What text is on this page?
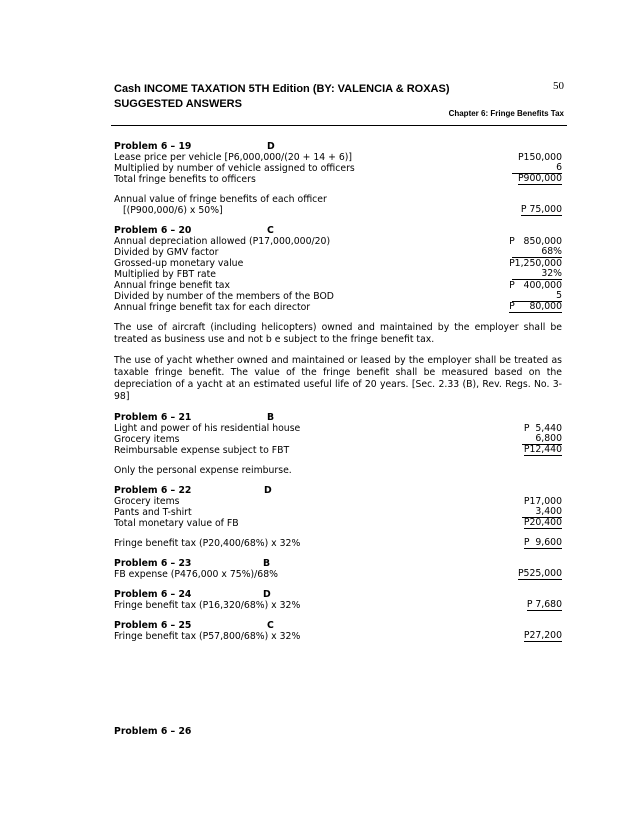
Cash INCOME TAXATION 5TH Edition (BY: VALENCIA & ROXAS)
SUGGESTED ANSWERS
50
Chapter 6: Fringe Benefits Tax
Problem 6 – 19	D
Lease price per vehicle [P6,000,000/(20 + 14 + 6)]	P150,000
Multiplied by number of vehicle assigned to officers	6
Total fringe benefits to officers	P900,000
Annual value of fringe benefits of each officer
[(P900,000/6) x 50%]	P 75,000
Problem 6 – 20	C
Annual depreciation allowed (P17,000,000/20)	P   850,000
Divided by GMV factor	68%
Grossed-up monetary value	P1,250,000
Multiplied by FBT rate	32%
Annual fringe benefit tax	P   400,000
Divided by number of the members of the BOD	5
Annual fringe benefit tax for each director	P     80,000

The use of aircraft (including helicopters) owned and maintained by the employer shall be treated as business use and not b e subject to the fringe benefit tax.

The use of yacht whether owned and maintained or leased by the employer shall be treated as taxable fringe benefit. The value of the fringe benefit shall be measured based on the depreciation of a yacht at an estimated useful life of 20 years. [Sec. 2.33 (B), Rev. Regs. No. 3-98]

Problem 6 – 21	B
Light and power of his residential house	P  5,440
Grocery items	6,800
Reimbursable expense subject to FBT	P12,440
Only the personal expense reimburse.
Problem 6 – 22	D
Grocery items	P17,000
Pants and T-shirt	3,400
Total monetary value of FB	P20,400
Fringe benefit tax (P20,400/68%) x 32%	P  9,600
Problem 6 – 23	B
FB expense (P476,000 x 75%)/68%	P525,000
Problem 6 – 24	D
Fringe benefit tax (P16,320/68%) x 32%	P 7,680
Problem 6 – 25	C
Fringe benefit tax (P57,800/68%) x 32%	P27,200
Problem 6 – 26
